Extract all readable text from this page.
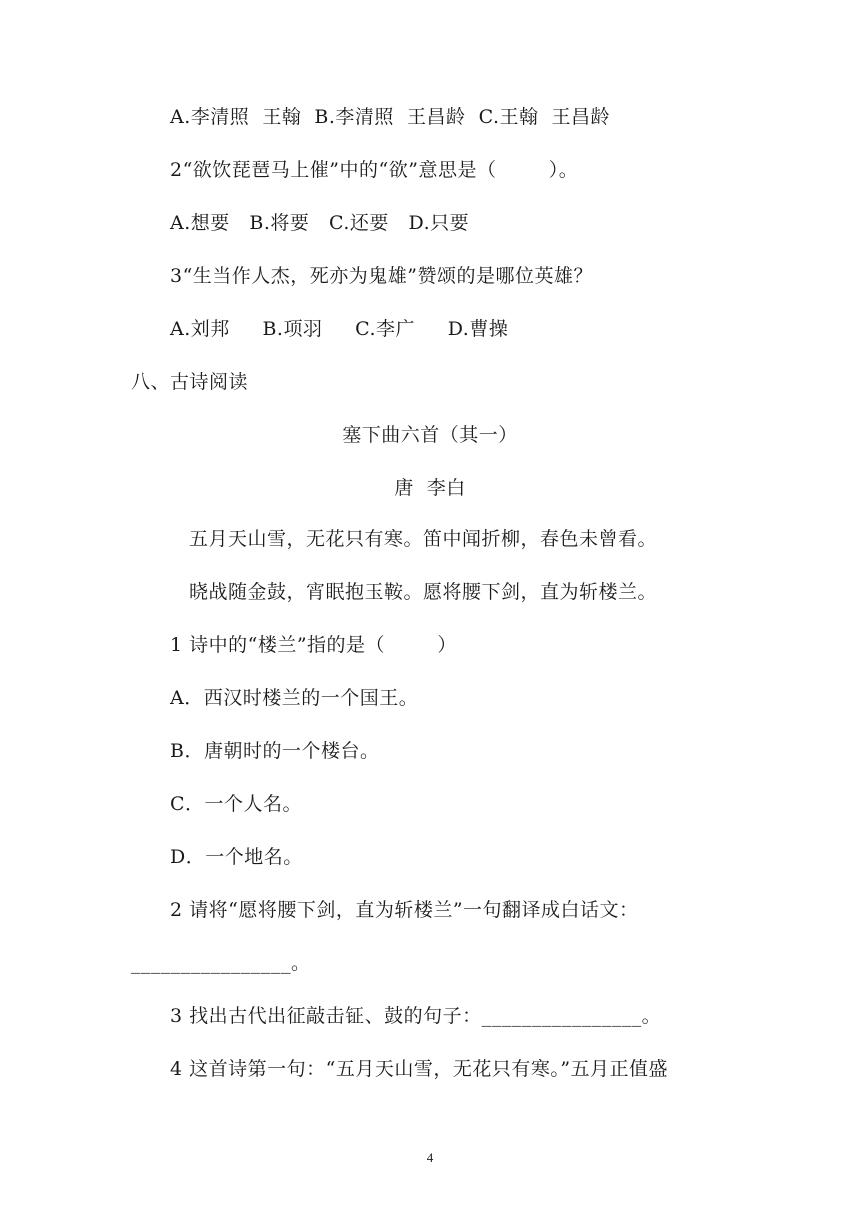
A.李清照  王翰  B.李清照  王昌龄  C.王翰  王昌龄
2“欲饮琵琶马上催”中的“欲”意思是（        ）。
A.想要   B.将要   C.还要   D.只要
3“生当作人杰，死亦为鬼雄”赞颂的是哪位英雄？
A.刘邦     B.项羽     C.李广     D.曹操
八、古诗阅读
塞下曲六首（其一）
唐  李白
五月天山雪，无花只有寒。笛中闻折柳，春色未曾看。
晓战随金鼓，宵眠抱玉鞍。愿将腰下剑，直为斩楼兰。
1 诗中的“楼兰”指的是（        ）
A．西汉时楼兰的一个国王。
B．唐朝时的一个楼台。
C．一个人名。
D．一个地名。
2 请将“愿将腰下剑，直为斩楼兰”一句翻译成白话文：
________________。
3 找出古代出征敲击钲、鼓的句子：________________。
4 这首诗第一句：“五月天山雪，无花只有寒。”五月正值盛
4
